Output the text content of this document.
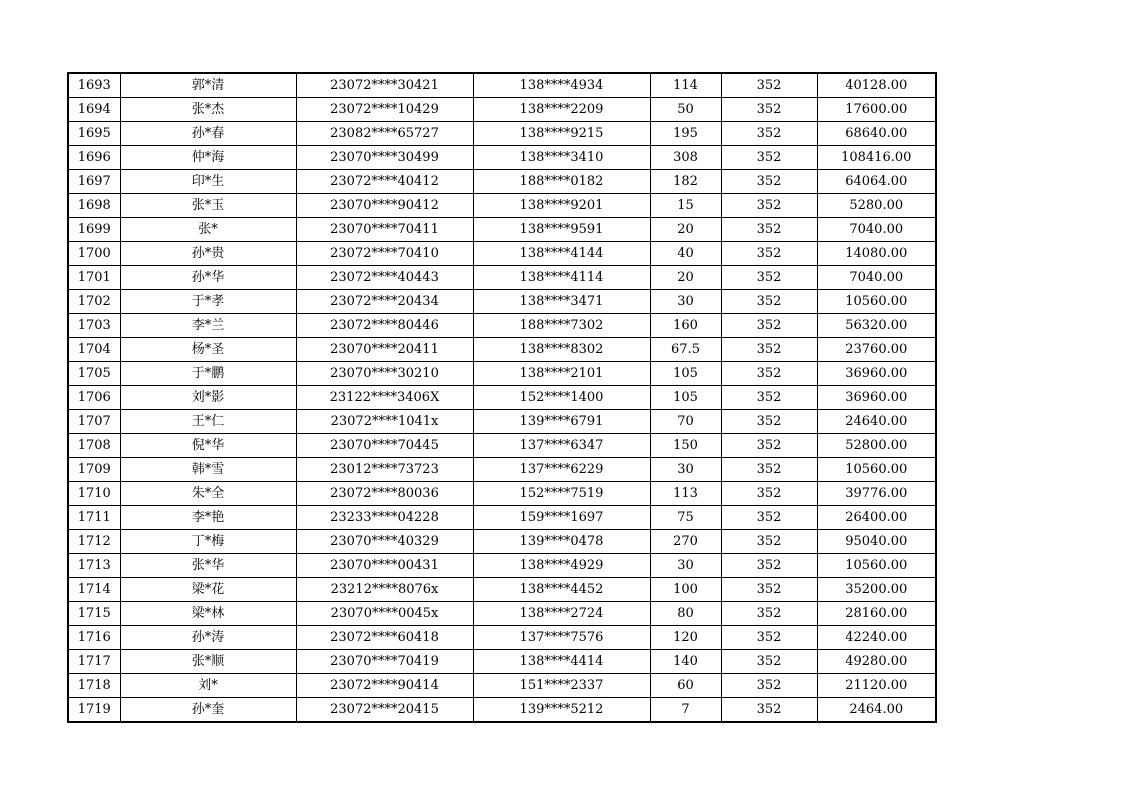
1693	郭*清	23072****30421	138****4934	114	352	40128.00
1694	张*杰	23072****10429	138****2209	50	352	17600.00
1695	孙*春	23082****65727	138****9215	195	352	68640.00
1696	仲*海	23070****30499	138****3410	308	352	108416.00
1697	印*生	23072****40412	188****0182	182	352	64064.00
1698	张*玉	23070****90412	138****9201	15	352	5280.00
1699	张*	23070****70411	138****9591	20	352	7040.00
1700	孙*贵	23072****70410	138****4144	40	352	14080.00
1701	孙*华	23072****40443	138****4114	20	352	7040.00
1702	于*孝	23072****20434	138****3471	30	352	10560.00
1703	李*兰	23072****80446	188****7302	160	352	56320.00
1704	杨*圣	23070****20411	138****8302	67.5	352	23760.00
1705	于*鹏	23070****30210	138****2101	105	352	36960.00
1706	刘*影	23122****3406X	152****1400	105	352	36960.00
1707	王*仁	23072****1041x	139****6791	70	352	24640.00
1708	倪*华	23070****70445	137****6347	150	352	52800.00
1709	韩*雪	23012****73723	137****6229	30	352	10560.00
1710	朱*全	23072****80036	152****7519	113	352	39776.00
1711	李*艳	23233****04228	159****1697	75	352	26400.00
1712	丁*梅	23070****40329	139****0478	270	352	95040.00
1713	张*华	23070****00431	138****4929	30	352	10560.00
1714	梁*花	23212****8076x	138****4452	100	352	35200.00
1715	梁*林	23070****0045x	138****2724	80	352	28160.00
1716	孙*涛	23072****60418	137****7576	120	352	42240.00
1717	张*顺	23070****70419	138****4414	140	352	49280.00
1718	刘*	23072****90414	151****2337	60	352	21120.00
1719	孙*奎	23072****20415	139****5212	7	352	2464.00
